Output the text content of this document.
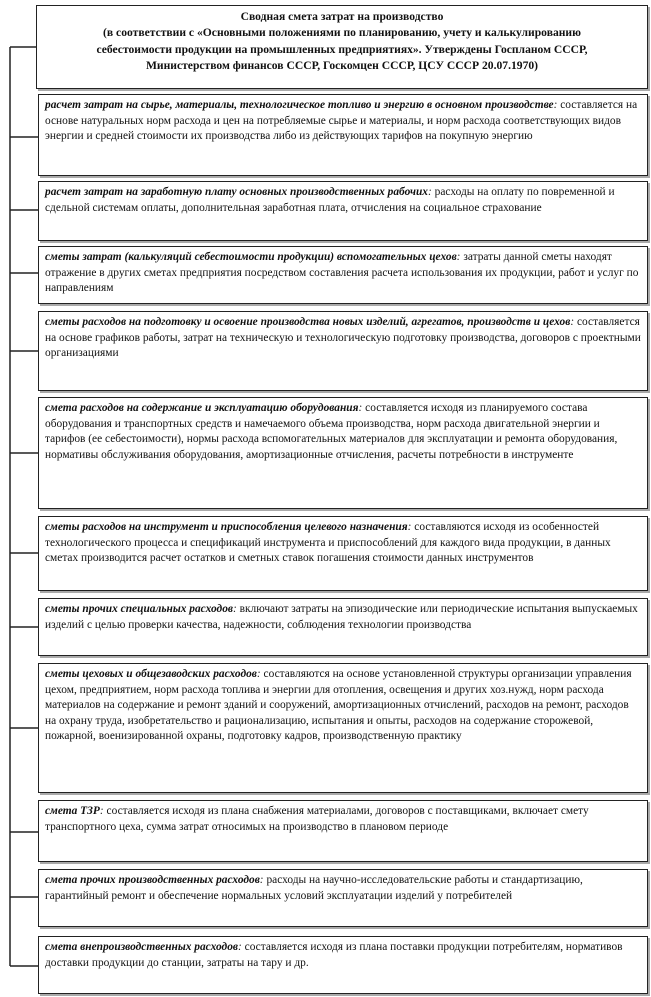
Сводная смета затрат на производство
(в соответствии с «Основными положениями по планированию, учету и калькулированию
себестоимости продукции на промышленных предприятиях». Утверждены Госпланом СССР,
Министерством финансов СССР, Госкомцен СССР, ЦСУ СССР 20.07.1970)
расчет затрат на сырье, материалы, технологическое топливо и энергию в основном производстве: составляется на основе натуральных норм расхода и цен на потребляемые сырье и материалы, и норм расхода соответствующих видов энергии и средней стоимости их производства либо из действующих тарифов на покупную энергию
расчет затрат на заработную плату основных производственных рабочих: расходы на оплату по повременной и сдельной системам оплаты, дополнительная заработная плата, отчисления на социальное страхование
сметы затрат (калькуляций себестоимости продукции) вспомогательных цехов: затраты данной сметы находят отражение в других сметах предприятия посредством составления расчета использования их продукции, работ и услуг по направлениям
сметы расходов на подготовку и освоение производства новых изделий, агрегатов, производств и цехов: составляется на основе графиков работы, затрат на техническую и технологическую подготовку производства, договоров с проектными организациями
смета расходов на содержание и эксплуатацию оборудования: составляется исходя из планируемого состава оборудования и транспортных средств и намечаемого объема производства, норм расхода двигательной энергии и тарифов (ее себестоимости), нормы расхода вспомогательных материалов для эксплуатации и ремонта оборудования, нормативы обслуживания оборудования, амортизационные отчисления, расчеты потребности в инструменте
сметы расходов на инструмент и приспособления целевого назначения: составляются исходя из особенностей технологического процесса и спецификаций инструмента и приспособлений для каждого вида продукции, в данных сметах производится расчет остатков и сметных ставок погашения стоимости данных инструментов
сметы прочих специальных расходов: включают затраты на эпизодические или периодические испытания выпускаемых изделий с целью проверки качества, надежности, соблюдения технологии производства
сметы цеховых и общезаводских расходов: составляются на основе установленной структуры организации управления цехом, предприятием, норм расхода топлива и энергии для отопления, освещения и других хоз.нужд, норм расхода материалов на содержание и ремонт зданий и сооружений, амортизационных отчислений, расходов на ремонт, расходов на охрану труда, изобретательство и рационализацию, испытания и опыты, расходов на содержание сторожевой, пожарной, военизированной охраны, подготовку кадров, производственную практику
смета ТЗР: составляется исходя из плана снабжения материалами, договоров с поставщиками, включает смету транспортного цеха, сумма затрат относимых на производство в плановом периоде
смета прочих производственных расходов: расходы на научно-исследовательские работы и стандартизацию, гарантийный ремонт и обеспечение нормальных условий эксплуатации изделий у потребителей
смета внепроизводственных расходов: составляется исходя из плана поставки продукции потребителям, нормативов доставки продукции до станции, затраты на тару и др.
